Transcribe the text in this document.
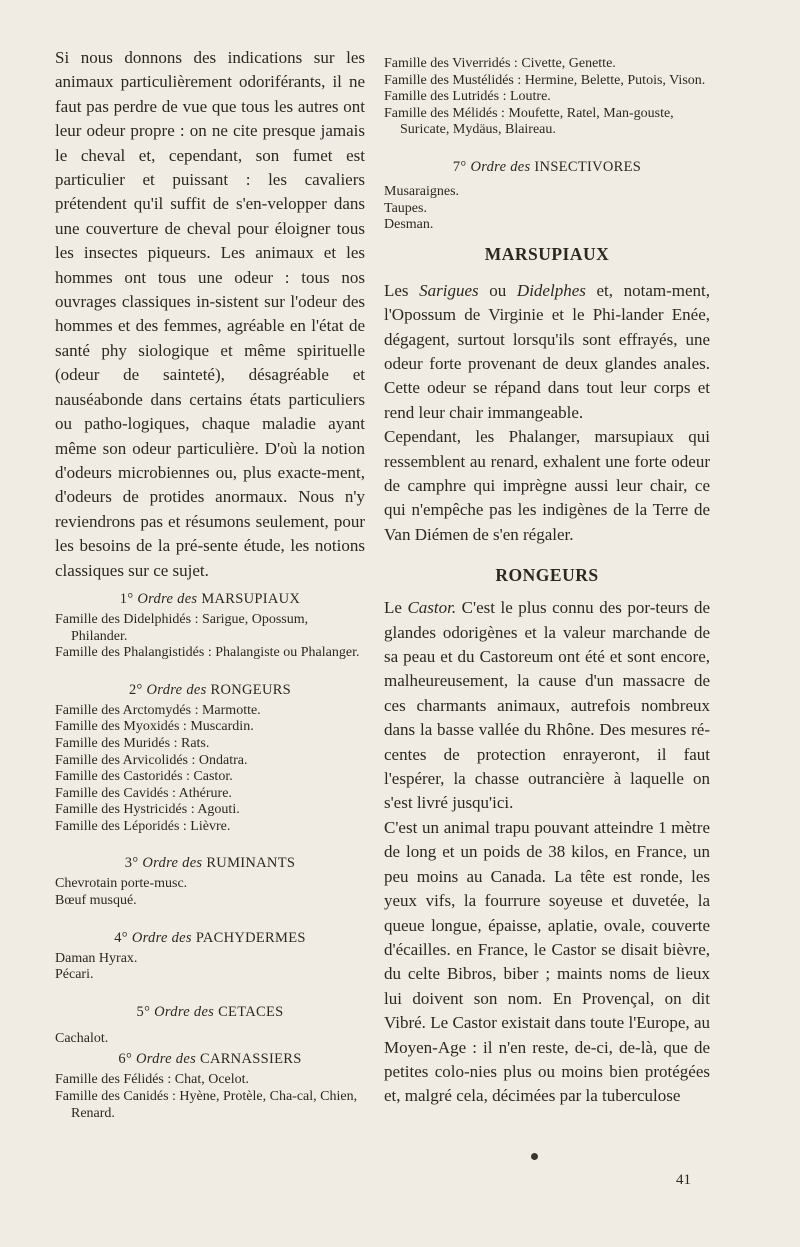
Si nous donnons des indications sur les animaux particulièrement odoriférants, il ne faut pas perdre de vue que tous les autres ont leur odeur propre : on ne cite presque jamais le cheval et, cependant, son fumet est particulier et puissant : les cavaliers prétendent qu'il suffit de s'en-velopper dans une couverture de cheval pour éloigner tous les insectes piqueurs. Les animaux et les hommes ont tous une odeur : tous nos ouvrages classiques in-sistent sur l'odeur des hommes et des femmes, agréable en l'état de santé phy siologique et même spirituelle (odeur de sainteté), désagréable et nauséabonde dans certains états particuliers ou patho-logiques, chaque maladie ayant même son odeur particulière. D'où la notion d'odeurs microbiennes ou, plus exacte-ment, d'odeurs de protides anormaux. Nous n'y reviendrons pas et résumons seulement, pour les besoins de la pré-sente étude, les notions classiques sur ce sujet.

1° Ordre des MARSUPIAUX

Famille des Didelphidés : Sarigue, Opossum, Philander.
Famille des Phalangistidés : Phalangiste ou Phalanger.

2° Ordre des RONGEURS

Famille des Arctomydés : Marmotte.
Famille des Myoxidés : Muscardin.
Famille des Muridés : Rats.
Famille des Arvicolidés : Ondatra.
Famille des Castoridés : Castor.
Famille des Cavidés : Athérure.
Famille des Hystricidés : Agouti.
Famille des Léporidés : Lièvre.

3° Ordre des RUMINANTS

Chevrotain porte-musc.
Bœuf musqué.

4° Ordre des PACHYDERMES

Daman Hyrax.
Pécari.

5° Ordre des CETACES

Cachalot.

6° Ordre des CARNASSIERS

Famille des Félidés : Chat, Ocelot.
Famille des Canidés : Hyène, Protèle, Cha-cal, Chien, Renard.
Famille des Viverridés : Civette, Genette.
Famille des Mustélidés : Hermine, Belette, Putois, Vison.
Famille des Lutridés : Loutre.
Famille des Mélidés : Moufette, Ratel, Man-gouste, Suricate, Mydäus, Blaireau.

7° Ordre des INSECTIVORES

Musaraignes.
Taupes.
Desman.
MARSUPIAUX

Les Sarigues ou Didelphes et, notam-ment, l'Opossum de Virginie et le Phi-lander Enée, dégagent, surtout lorsqu'ils sont effrayés, une odeur forte provenant de deux glandes anales. Cette odeur se répand dans tout leur corps et rend leur chair immangeable.

Cependant, les Phalanger, marsupiaux qui ressemblent au renard, exhalent une forte odeur de camphre qui imprègne aussi leur chair, ce qui n'empêche pas les indigènes de la Terre de Van Diémen de s'en régaler.

RONGEURS

Le Castor. C'est le plus connu des por-teurs de glandes odorigènes et la valeur marchande de sa peau et du Castoreum ont été et sont encore, malheureusement, la cause d'un massacre de ces charmants animaux, autrefois nombreux dans la basse vallée du Rhône. Des mesures ré-centes de protection enrayeront, il faut l'espérer, la chasse outrancière à laquelle on s'est livré jusqu'ici.

C'est un animal trapu pouvant atteindre 1 mètre de long et un poids de 38 kilos, en France, un peu moins au Canada. La tête est ronde, les yeux vifs, la fourrure soyeuse et duvetée, la queue longue, épaisse, aplatie, ovale, couverte d'écailles. en France, le Castor se disait bièvre, du celte Bibros, biber ; maints noms de lieux lui doivent son nom. En Provençal, on dit Vibré. Le Castor existait dans toute l'Europe, au Moyen-Age : il n'en reste, de-ci, de-là, que de petites colo-nies plus ou moins bien protégées et, malgré cela, décimées par la tuberculose

41
